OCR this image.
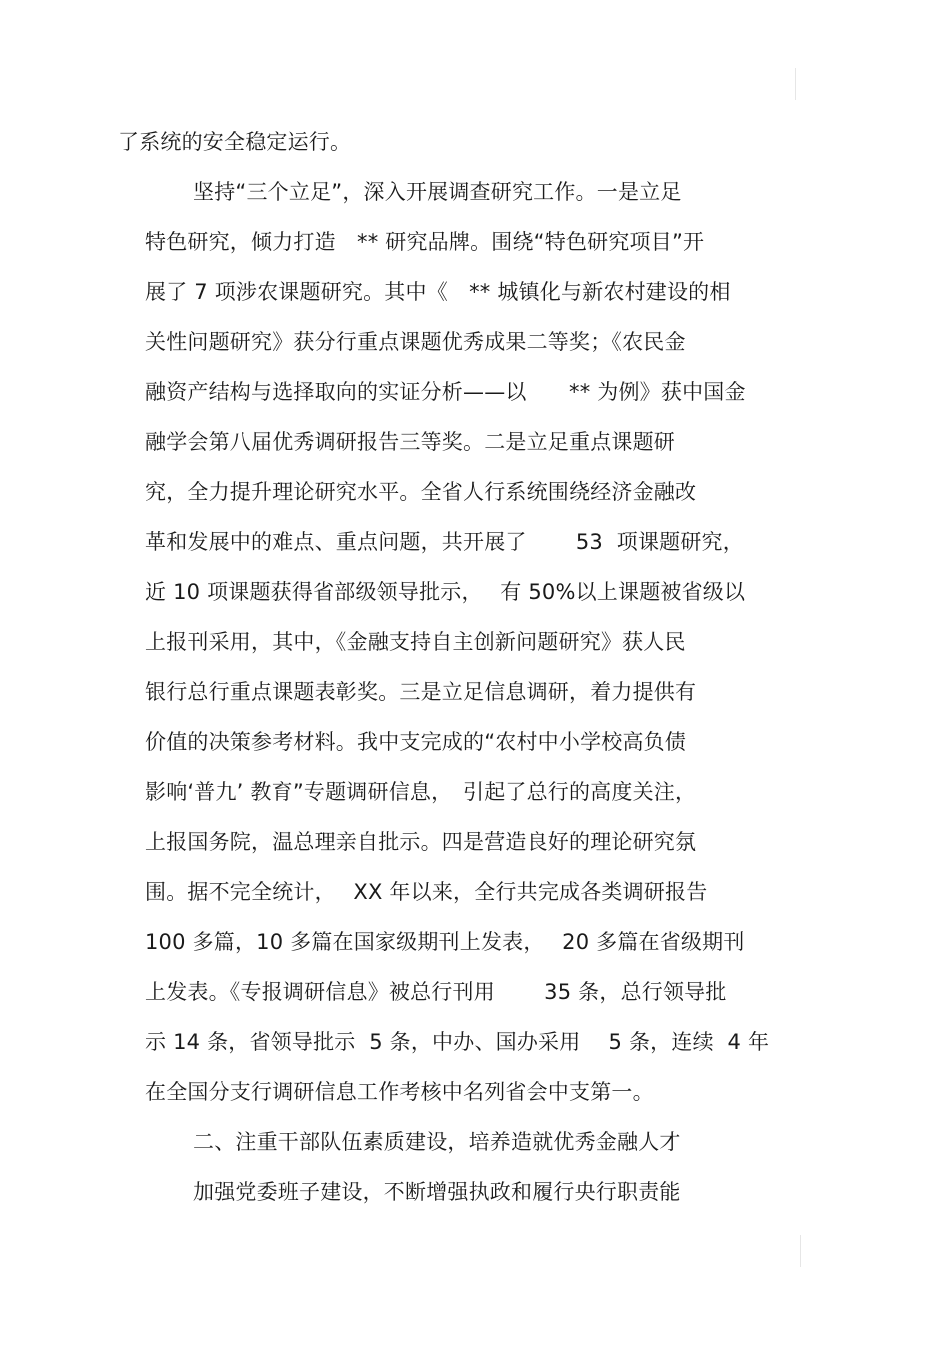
了系统的安全稳定运行。
坚持“三个立足”，深入开展调查研究工作。一是立足
特色研究，倾力打造　** 研究品牌。围绕“特色研究项目”开
展了 7 项涉农课题研究。其中《　** 城镇化与新农村建设的相
关性问题研究》获分行重点课题优秀成果二等奖；《农民金
融资产结构与选择取向的实证分析——以　　** 为例》获中国金
融学会第八届优秀调研报告三等奖。二是立足重点课题研
究，全力提升理论研究水平。全省人行系统围绕经济金融改
革和发展中的难点、重点问题，共开展了　　 53  项课题研究，
近 10 项课题获得省部级领导批示，　 有 50%以上课题被省级以
上报刊采用，其中，《金融支持自主创新问题研究》获人民
银行总行重点课题表彰奖。三是立足信息调研，着力提供有
价值的决策参考材料。我中支完成的“农村中小学校高负债
影响‘普九’ 教育”专题调研信息，　引起了总行的高度关注，
上报国务院，温总理亲自批示。四是营造良好的理论研究氛
围。据不完全统计，　 XX 年以来，全行共完成各类调研报告
100 多篇，10 多篇在国家级期刊上发表，　 20 多篇在省级期刊
上发表。《专报调研信息》被总行刊用　　 35 条，总行领导批
示 14 条，省领导批示  5 条，中办、国办采用　 5 条，连续  4 年
在全国分支行调研信息工作考核中名列省会中支第一。
二、注重干部队伍素质建设，培养造就优秀金融人才
加强党委班子建设，不断增强执政和履行央行职责能
